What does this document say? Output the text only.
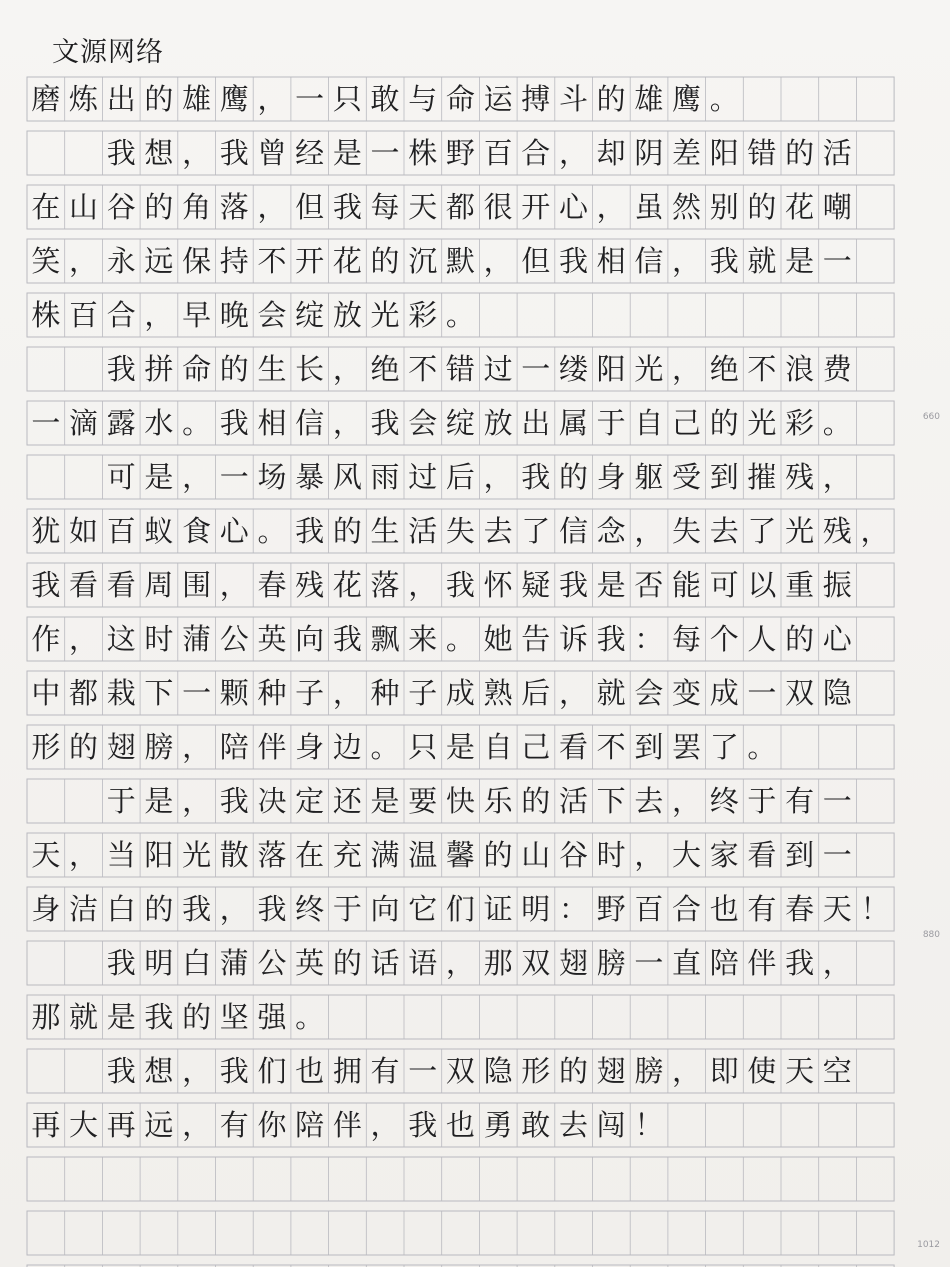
文源网络
磨 炼 出 的 雄 鹰 ， 一 只 敢 与 命 运 搏 斗 的 雄 鹰 。
我 想 ， 我 曾 经 是 一 株 野 百 合 ， 却 阴 差 阳 错 的 活
在 山 谷 的 角 落 ， 但 我 每 天 都 很 开 心 ， 虽 然 别 的 花 嘲
笑 ， 永 远 保 持 不 开 花 的 沉 默 ， 但 我 相 信 ， 我 就 是 一
株 百 合 ， 早 晚 会 绽 放 光 彩 。
我 拼 命 的 生 长 ， 绝 不 错 过 一 缕 阳 光 ， 绝 不 浪 费
一 滴 露 水 。 我 相 信 ， 我 会 绽 放 出 属 于 自 己 的 光 彩 。
可 是 ， 一 场 暴 风 雨 过 后 ， 我 的 身 躯 受 到 摧 残 ，
犹 如 百 蚁 食 心 。 我 的 生 活 失 去 了 信 念 ， 失 去 了 光 残 ，
我 看 看 周 围 ， 春 残 花 落 ， 我 怀 疑 我 是 否 能 可 以 重 振
作 ， 这 时 蒲 公 英 向 我 飘 来 。 她 告 诉 我 ： 每 个 人 的 心
中 都 栽 下 一 颗 种 子 ， 种 子 成 熟 后 ， 就 会 变 成 一 双 隐
形 的 翅 膀 ， 陪 伴 身 边 。 只 是 自 己 看 不 到 罢 了 。
于 是 ， 我 决 定 还 是 要 快 乐 的 活 下 去 ， 终 于 有 一
天 ， 当 阳 光 散 落 在 充 满 温 馨 的 山 谷 时 ， 大 家 看 到 一
身 洁 白 的 我 ， 我 终 于 向 它 们 证 明 ： 野 百 合 也 有 春 天 ！
我 明 白 蒲 公 英 的 话 语 ， 那 双 翅 膀 一 直 陪 伴 我 ，
那 就 是 我 的 坚 强 。
我 想 ， 我 们 也 拥 有 一 双 隐 形 的 翅 膀 ， 即 使 天 空
再 大 再 远 ， 有 你 陪 伴 ， 我 也 勇 敢 去 闯 ！
660
880
1012
